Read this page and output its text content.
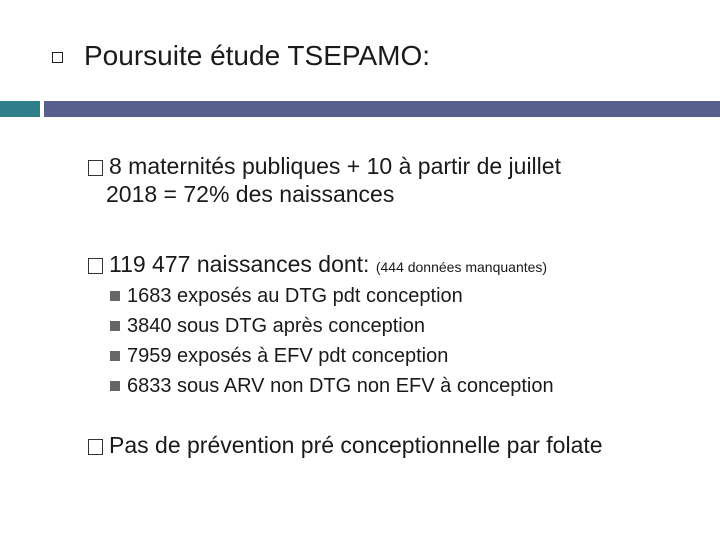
Poursuite étude TSEPAMO:
8 maternités publiques + 10 à partir de juillet
2018 = 72% des naissances
119 477 naissances dont: (444 données manquantes)
1683 exposés au DTG pdt conception
3840 sous DTG après conception
7959 exposés à EFV pdt conception
6833 sous ARV non DTG non EFV à conception
Pas de prévention pré conceptionnelle par folate
